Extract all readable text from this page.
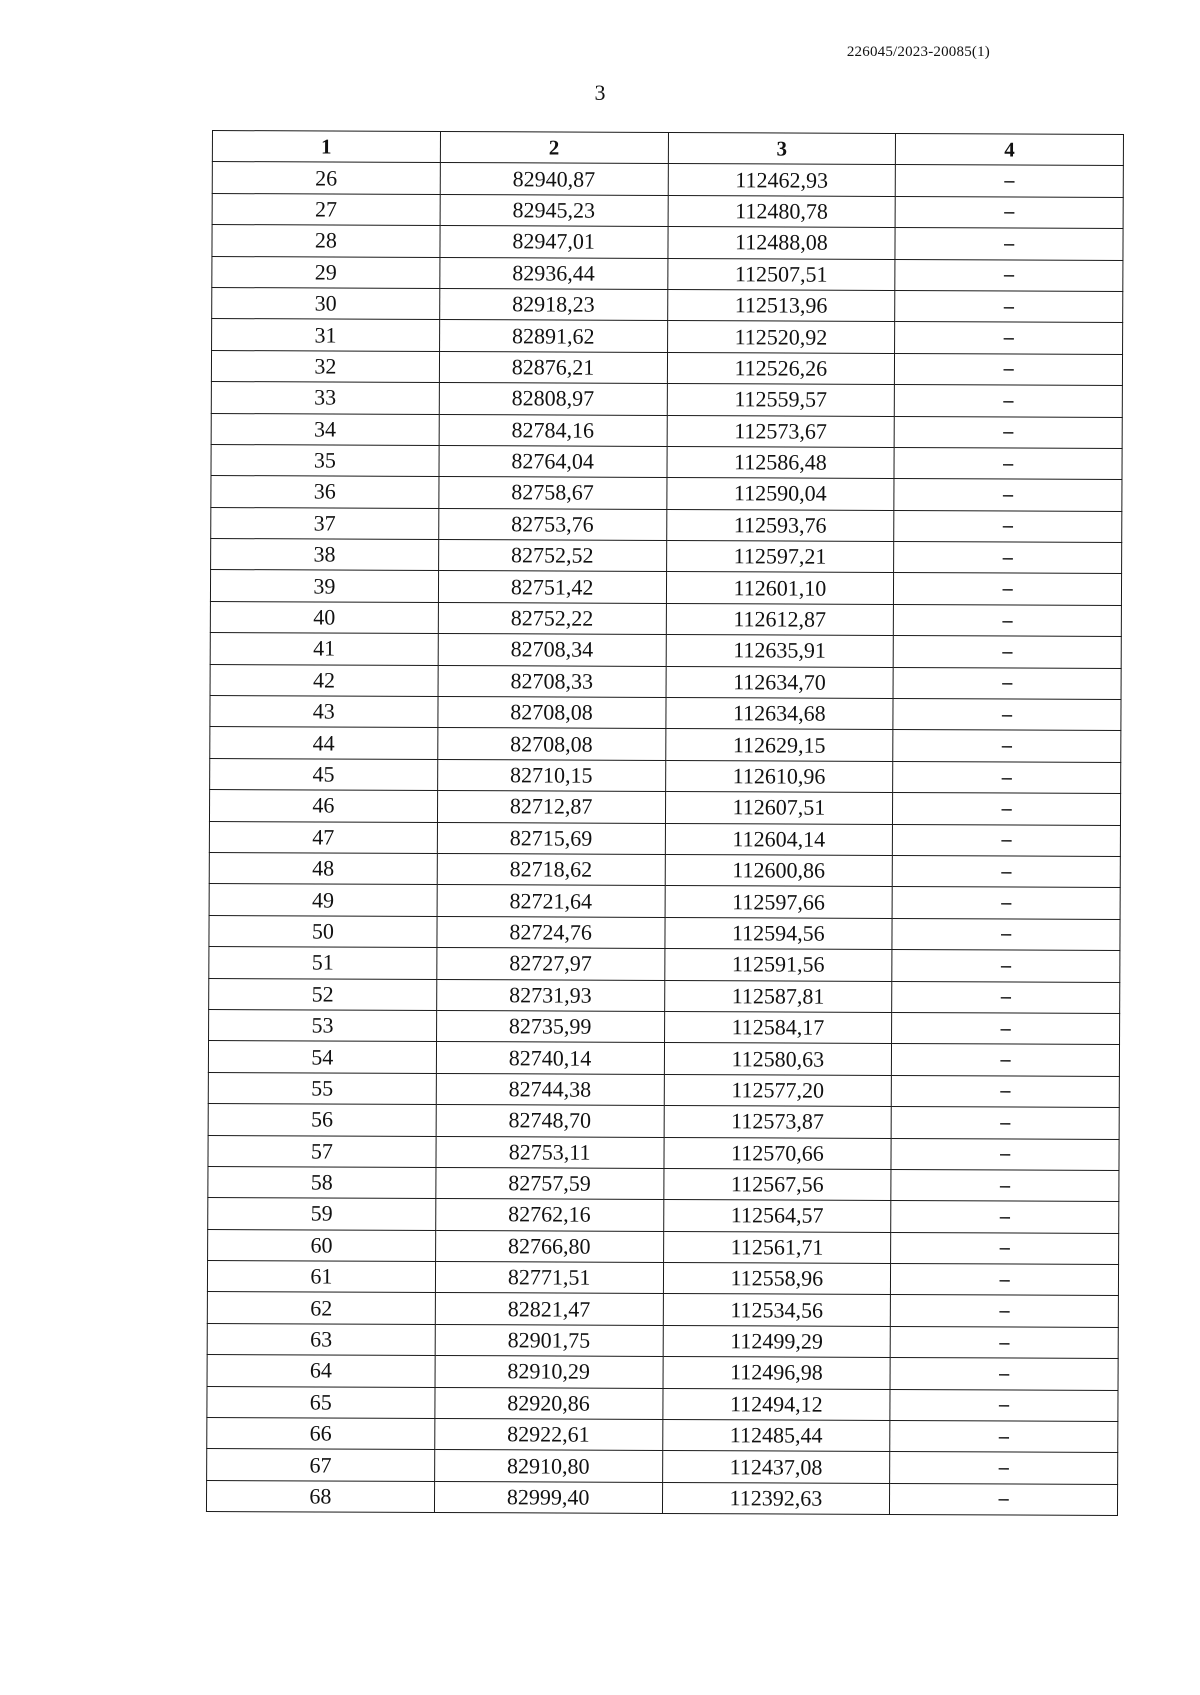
226045/2023-20085(1)
3
1	2	3	4
26	82940,87	112462,93	–
27	82945,23	112480,78	–
28	82947,01	112488,08	–
29	82936,44	112507,51	–
30	82918,23	112513,96	–
31	82891,62	112520,92	–
32	82876,21	112526,26	–
33	82808,97	112559,57	–
34	82784,16	112573,67	–
35	82764,04	112586,48	–
36	82758,67	112590,04	–
37	82753,76	112593,76	–
38	82752,52	112597,21	–
39	82751,42	112601,10	–
40	82752,22	112612,87	–
41	82708,34	112635,91	–
42	82708,33	112634,70	–
43	82708,08	112634,68	–
44	82708,08	112629,15	–
45	82710,15	112610,96	–
46	82712,87	112607,51	–
47	82715,69	112604,14	–
48	82718,62	112600,86	–
49	82721,64	112597,66	–
50	82724,76	112594,56	–
51	82727,97	112591,56	–
52	82731,93	112587,81	–
53	82735,99	112584,17	–
54	82740,14	112580,63	–
55	82744,38	112577,20	–
56	82748,70	112573,87	–
57	82753,11	112570,66	–
58	82757,59	112567,56	–
59	82762,16	112564,57	–
60	82766,80	112561,71	–
61	82771,51	112558,96	–
62	82821,47	112534,56	–
63	82901,75	112499,29	–
64	82910,29	112496,98	–
65	82920,86	112494,12	–
66	82922,61	112485,44	–
67	82910,80	112437,08	–
68	82999,40	112392,63	–
